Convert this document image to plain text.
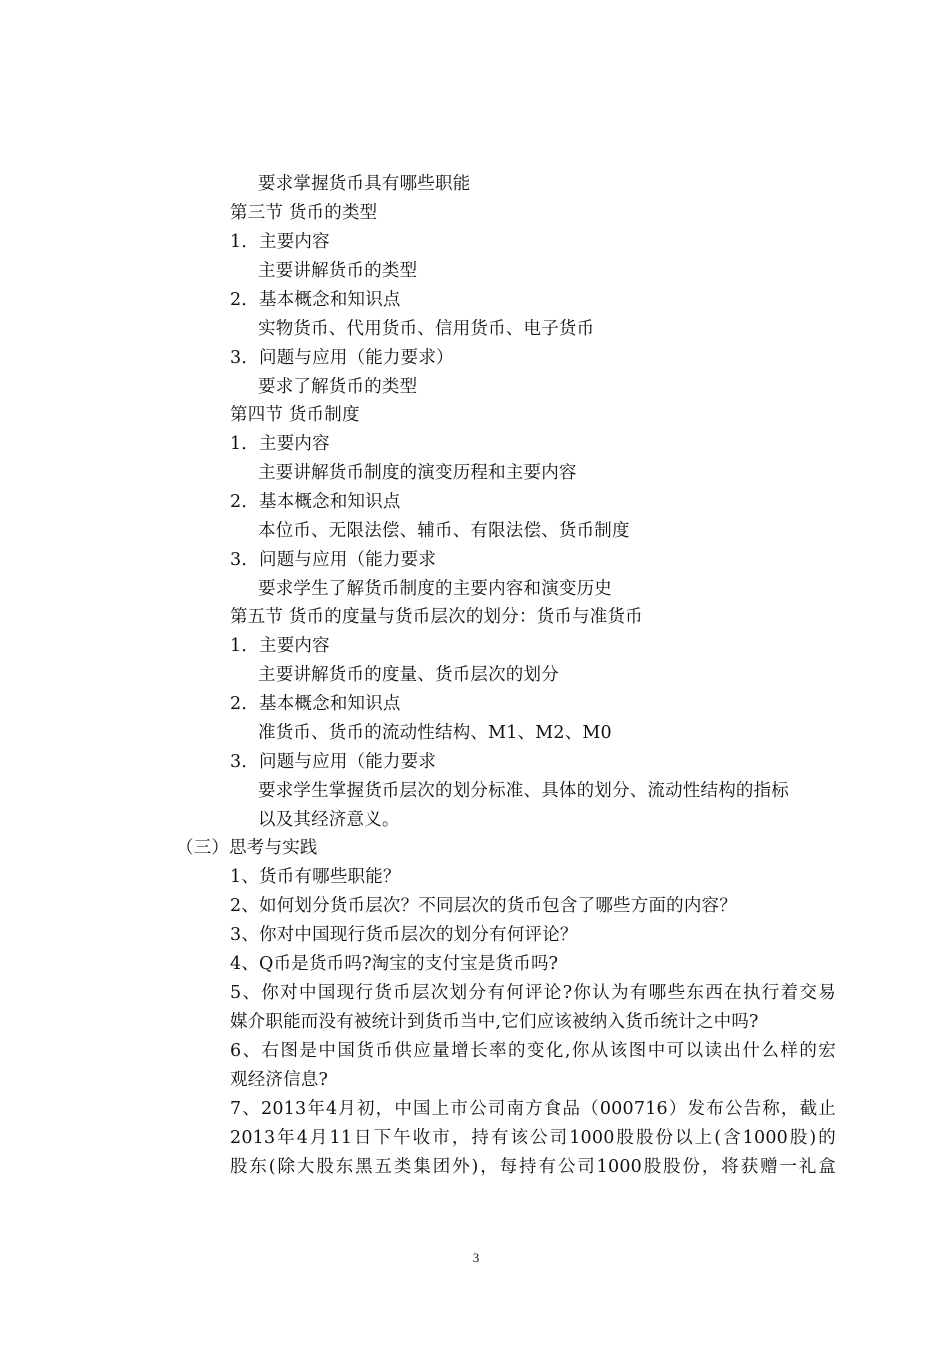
要求掌握货币具有哪些职能
第三节 货币的类型
1．主要内容
主要讲解货币的类型
2．基本概念和知识点
实物货币、代用货币、信用货币、电子货币
3．问题与应用（能力要求）
要求了解货币的类型
第四节 货币制度
1．主要内容
主要讲解货币制度的演变历程和主要内容
2．基本概念和知识点
本位币、无限法偿、辅币、有限法偿、货币制度
3．问题与应用（能力要求
要求学生了解货币制度的主要内容和演变历史
第五节 货币的度量与货币层次的划分：货币与准货币
1．主要内容
主要讲解货币的度量、货币层次的划分
2．基本概念和知识点
准货币、货币的流动性结构、M1、M2、M0
3．问题与应用（能力要求
要求学生掌握货币层次的划分标准、具体的划分、流动性结构的指标
以及其经济意义。
（三）思考与实践
1、货币有哪些职能？
2、如何划分货币层次？不同层次的货币包含了哪些方面的内容？
3、你对中国现行货币层次的划分有何评论？
4、Q币是货币吗?淘宝的支付宝是货币吗?
5、你对中国现行货币层次划分有何评论?你认为有哪些东西在执行着交易
媒介职能而没有被统计到货币当中,它们应该被纳入货币统计之中吗?
6、右图是中国货币供应量增长率的变化,你从该图中可以读出什么样的宏
观经济信息?
7、2013年4月初，中国上市公司南方食品（000716）发布公告称，截止
2013年4月11日下午收市，持有该公司1000股股份以上(含1000股)的
股东(除大股东黑五类集团外)，每持有公司1000股股份，将获赠一礼盒
3
